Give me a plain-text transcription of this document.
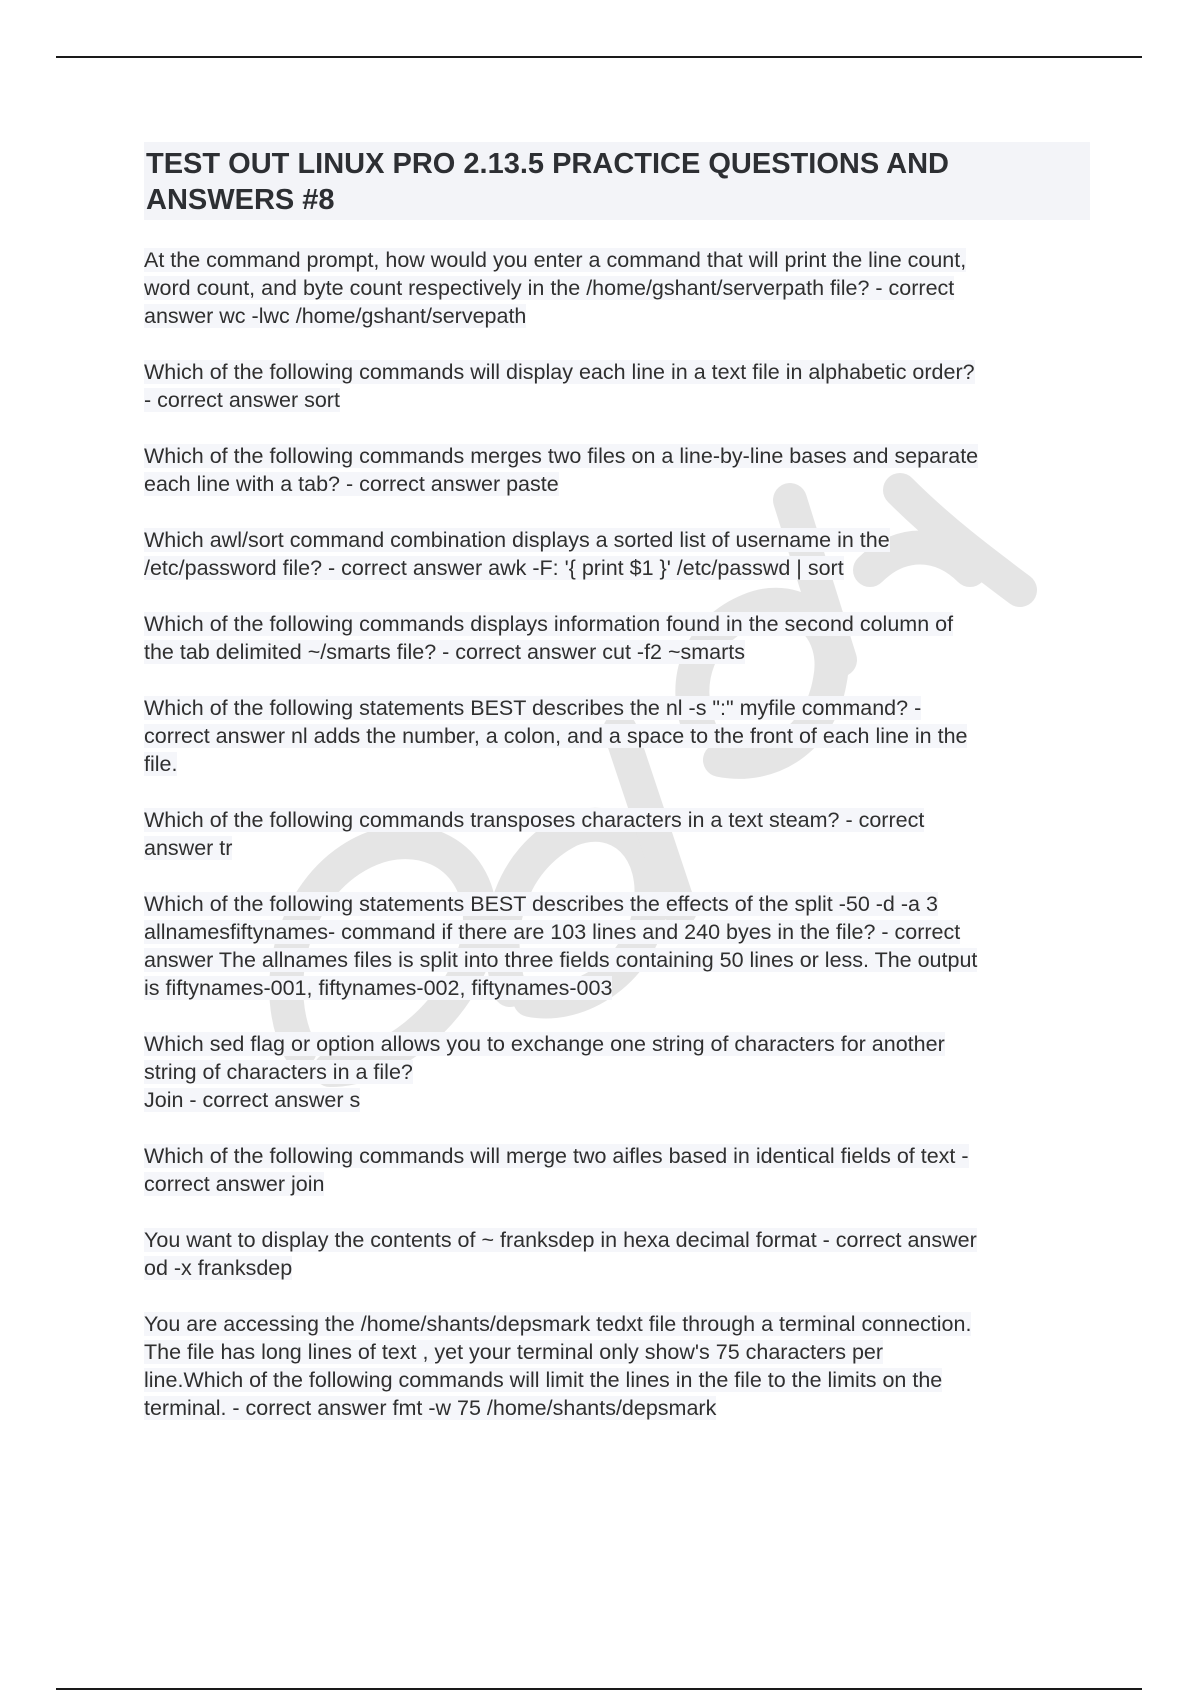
TEST OUT LINUX PRO 2.13.5 PRACTICE QUESTIONS AND
ANSWERS #8

At the command prompt, how would you enter a command that will print the line count,
word count, and byte count respectively in the /home/gshant/serverpath file? - correct
answer wc -lwc /home/gshant/servepath

Which of the following commands will display each line in a text file in alphabetic order?
- correct answer sort

Which of the following commands merges two files on a line-by-line bases and separate
each line with a tab? - correct answer paste

Which awl/sort command combination displays a sorted list of username in the
/etc/password file? - correct answer awk -F: '{ print $1 }' /etc/passwd | sort

Which of the following commands displays information found in the second column of
the tab delimited ~/smarts file? - correct answer cut -f2 ~smarts

Which of the following statements BEST describes the nl -s ":" myfile command? -
correct answer nl adds the number, a colon, and a space to the front of each line in the
file.

Which of the following commands transposes characters in a text steam? - correct
answer tr

Which of the following statements BEST describes the effects of the split -50 -d -a 3
allnamesfiftynames- command if there are 103 lines and 240 byes in the file? - correct
answer The allnames files is split into three fields containing 50 lines or less. The output
is fiftynames-001, fiftynames-002, fiftynames-003

Which sed flag or option allows you to exchange one string of characters for another
string of characters in a file?
Join - correct answer s

Which of the following commands will merge two aifles based in identical fields of text -
correct answer join

You want to display the contents of ~ franksdep in hexa decimal format - correct answer
od -x franksdep

You are accessing the /home/shants/depsmark tedxt file through a terminal connection.
The file has long lines of text , yet your terminal only show's 75 characters per
line.Which of the following commands will limit the lines in the file to the limits on the
terminal. - correct answer fmt -w 75 /home/shants/depsmark
